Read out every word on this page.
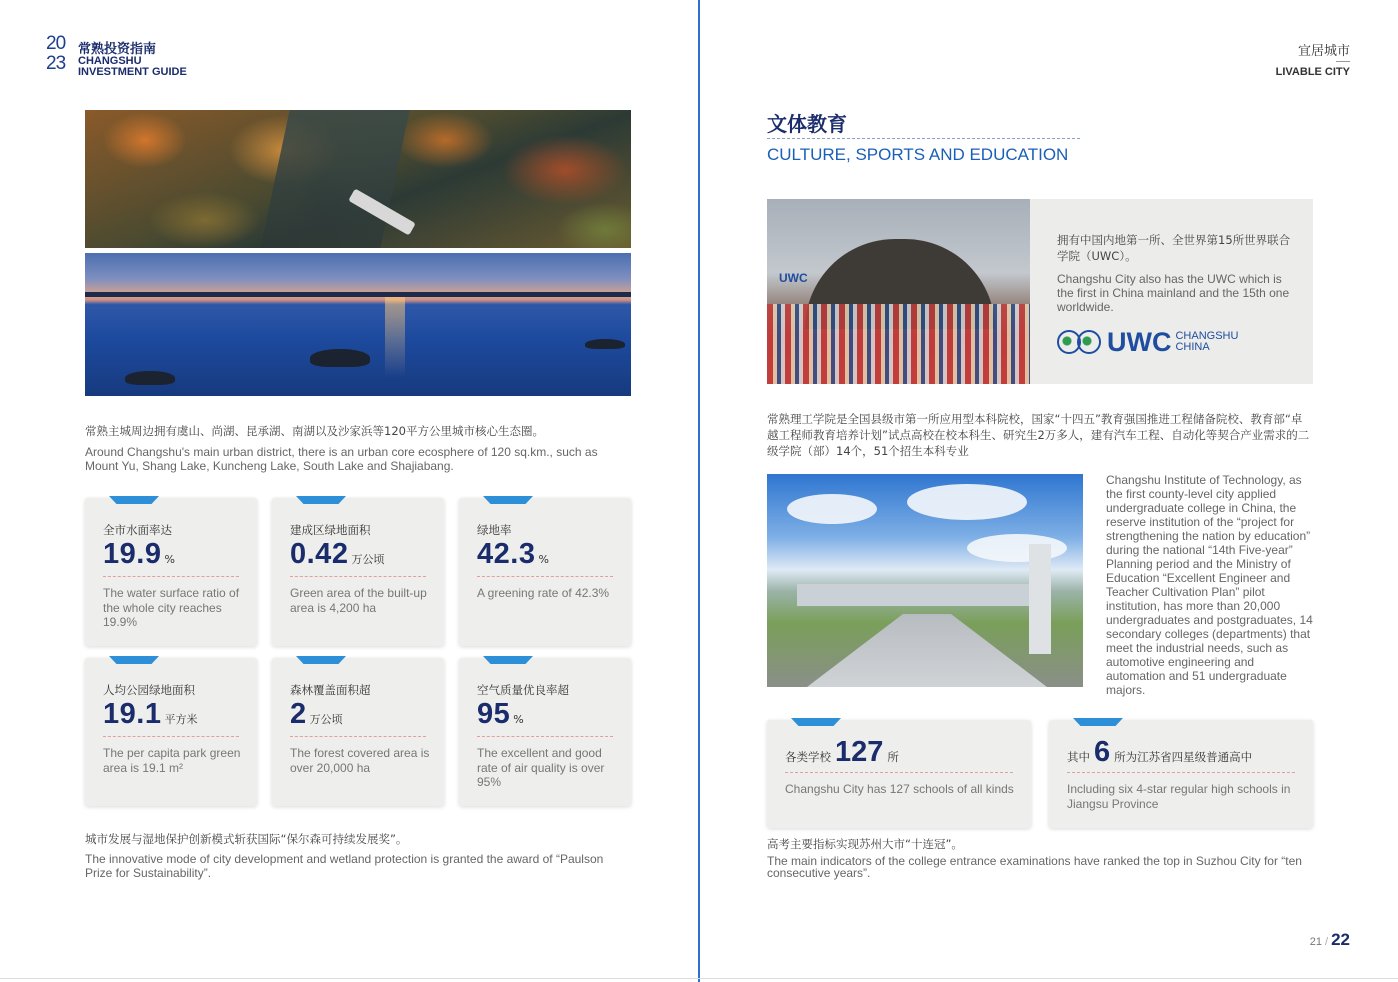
20
23
常熟投资指南
CHANGSHU
INVESTMENT GUIDE
宜居城市
LIVABLE CITY
常熟主城周边拥有虞山、尚湖、昆承湖、南湖以及沙家浜等120平方公里城市核心生态圈。
Around Changshu's main urban district, there is an urban core ecosphere of 120 sq.km., such as Mount Yu, Shang Lake, Kuncheng Lake, South Lake and Shajiabang.
全市水面率达
19.9 %
The water surface ratio of the whole city reaches 19.9%
建成区绿地面积
0.42 万公顷
Green area of the built-up area is 4,200 ha
绿地率
42.3 %
A greening rate of 42.3%
人均公园绿地面积
19.1 平方米
The per capita park green area is 19.1 m²
森林覆盖面积超
2 万公顷
The forest covered area is over 20,000 ha
空气质量优良率超
95 %
The excellent and good rate of air quality is over 95%
城市发展与湿地保护创新模式斩获国际“保尔森可持续发展奖”。
The innovative mode of city development and wetland protection is granted the award of “Paulson Prize for Sustainability”.
文体教育
CULTURE, SPORTS AND EDUCATION
UWC
拥有中国内地第一所、全世界第15所世界联合学院（UWC）。
Changshu City also has the UWC which is the first in China mainland and the 15th one worldwide.
UWC CHANGSHU
CHINA
常熟理工学院是全国县级市第一所应用型本科院校，国家“十四五”教育强国推进工程储备院校、教育部“卓越工程师教育培养计划”试点高校在校本科生、研究生2万多人，建有汽车工程、自动化等契合产业需求的二级学院（部）14个，51个招生本科专业
Changshu Institute of Technology, as the first county-level city applied undergraduate college in China, the reserve institution of the “project for strengthening the nation by education” during the national “14th Five-year” Planning period and the Ministry of Education “Excellent Engineer and Teacher Cultivation Plan” pilot institution, has more than 20,000 undergraduates and postgraduates, 14 secondary colleges (departments) that meet the industrial needs, such as automotive engineering and automation and 51 undergraduate majors.
各类学校 127 所
Changshu City has 127 schools of all kinds
其中 6 所为江苏省四星级普通高中
Including six 4-star regular high schools in Jiangsu Province
高考主要指标实现苏州大市“十连冠”。
The main indicators of the college entrance examinations have ranked the top in Suzhou City for “ten consecutive years”.
21 / 22
